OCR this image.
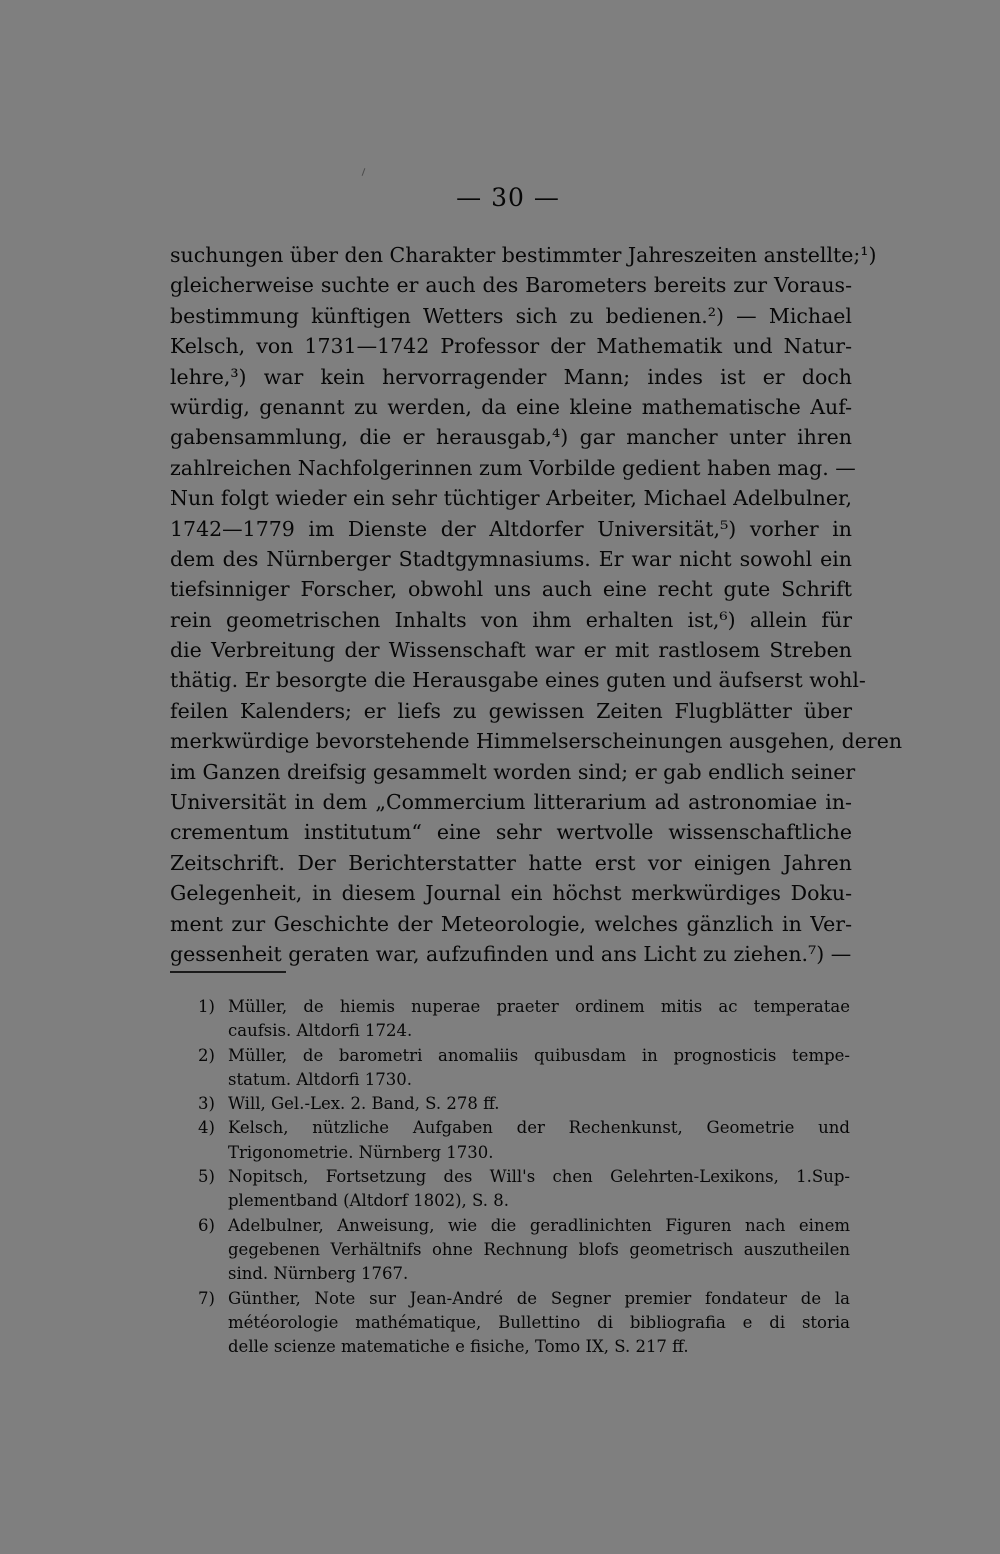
— 30 —
suchungen über den Charakter bestimmter Jahreszeiten anstellte;¹)
gleicherweise suchte er auch des Barometers bereits zur Voraus-
bestimmung künftigen Wetters sich zu bedienen.²) — Michael
Kelsch, von 1731—1742 Professor der Mathematik und Natur-
lehre,³) war kein hervorragender Mann; indes ist er doch
würdig, genannt zu werden, da eine kleine mathematische Auf-
gabensammlung, die er herausgab,⁴) gar mancher unter ihren
zahlreichen Nachfolgerinnen zum Vorbilde gedient haben mag. —
Nun folgt wieder ein sehr tüchtiger Arbeiter, Michael Adelbulner,
1742—1779 im Dienste der Altdorfer Universität,⁵) vorher in
dem des Nürnberger Stadtgymnasiums. Er war nicht sowohl ein
tiefsinniger Forscher, obwohl uns auch eine recht gute Schrift
rein geometrischen Inhalts von ihm erhalten ist,⁶) allein für
die Verbreitung der Wissenschaft war er mit rastlosem Streben
thätig. Er besorgte die Herausgabe eines guten und äufserst wohl-
feilen Kalenders; er liefs zu gewissen Zeiten Flugblätter über
merkwürdige bevorstehende Himmelserscheinungen ausgehen, deren
im Ganzen dreifsig gesammelt worden sind; er gab endlich seiner
Universität in dem „Commercium litterarium ad astronomiae in-
crementum institutum“ eine sehr wertvolle wissenschaftliche
Zeitschrift. Der Berichterstatter hatte erst vor einigen Jahren
Gelegenheit, in diesem Journal ein höchst merkwürdiges Doku-
ment zur Geschichte der Meteorologie, welches gänzlich in Ver-
gessenheit geraten war, aufzufinden und ans Licht zu ziehen.⁷) —
1) Müller, de hiemis nuperae praeter ordinem mitis ac temperatae
caufsis. Altdorfi 1724.
2) Müller, de barometri anomaliis quibusdam in prognosticis tempe-
statum. Altdorfi 1730.
3) Will, Gel.-Lex. 2. Band, S. 278 ff.
4) Kelsch, nützliche Aufgaben der Rechenkunst, Geometrie und
Trigonometrie. Nürnberg 1730.
5) Nopitsch, Fortsetzung des Will's chen Gelehrten-Lexikons, 1.Sup-
plementband (Altdorf 1802), S. 8.
6) Adelbulner, Anweisung, wie die geradlinichten Figuren nach einem
gegebenen Verhältnifs ohne Rechnung blofs geometrisch auszutheilen
sind. Nürnberg 1767.
7) Günther, Note sur Jean-André de Segner premier fondateur de la
météorologie mathématique, Bullettino di bibliografia e di storia
delle scienze matematiche e fisiche, Tomo IX, S. 217 ff.
